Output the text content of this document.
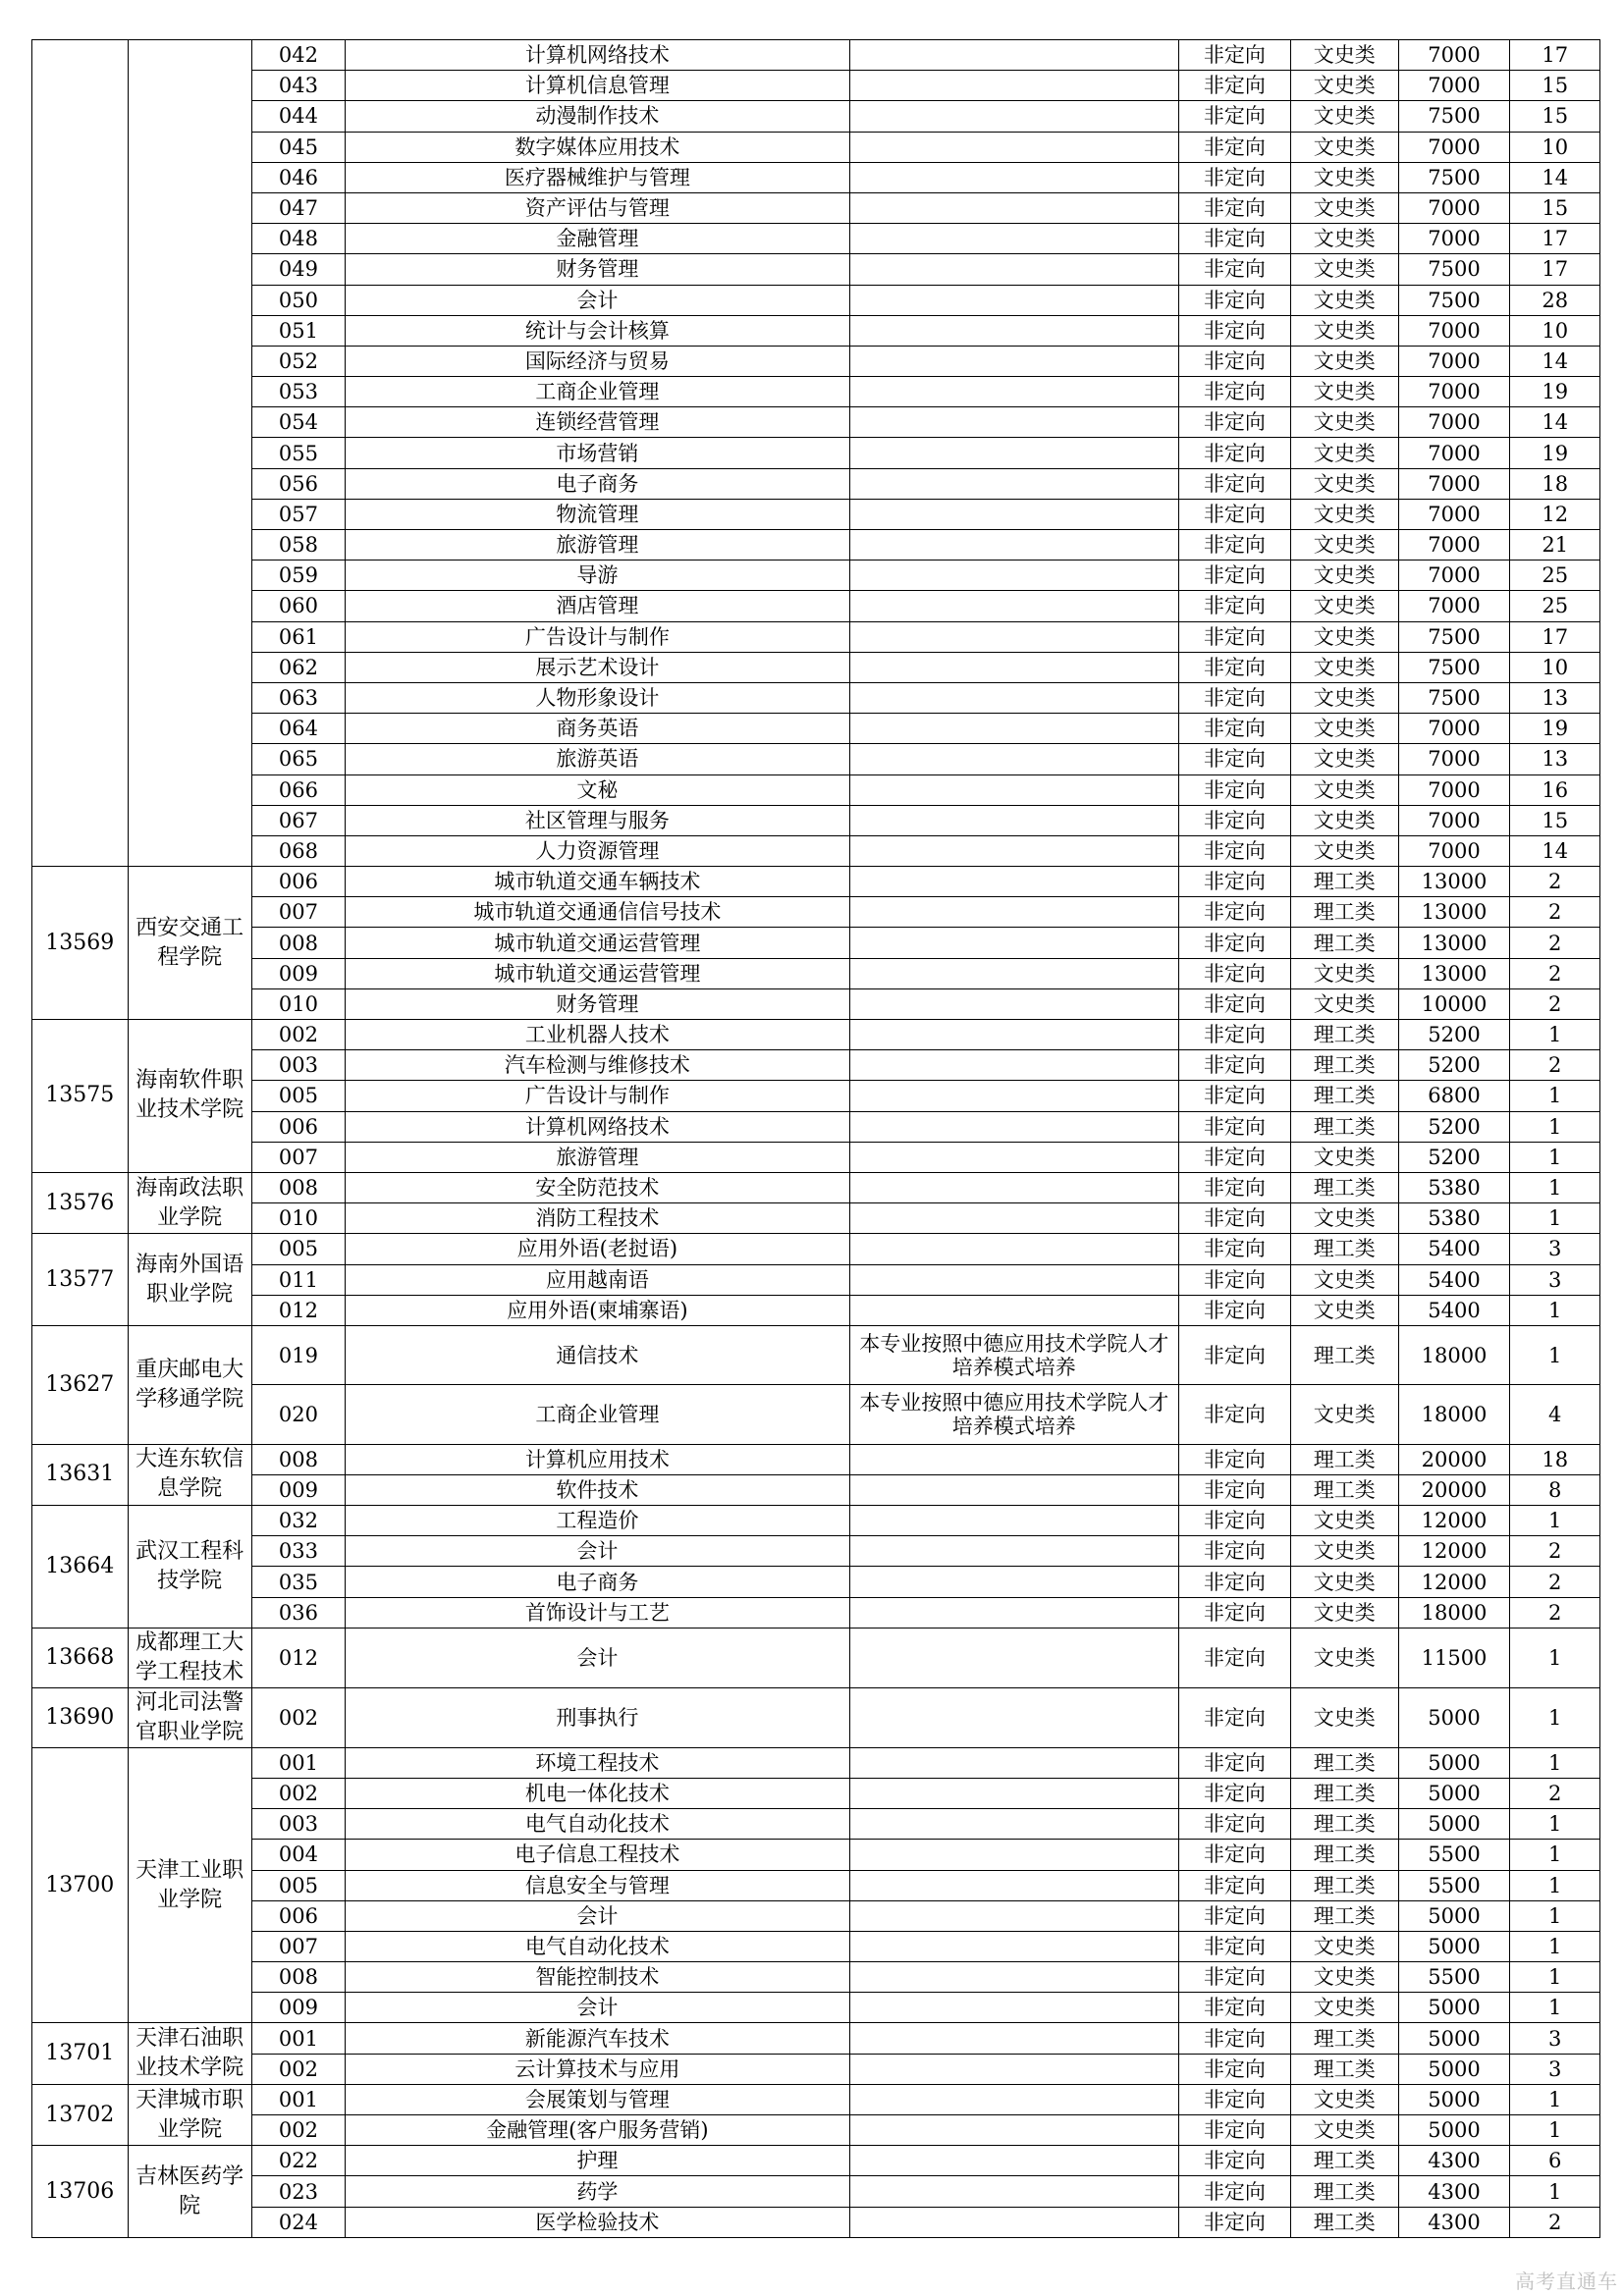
		042	计算机网络技术		非定向	文史类	7000	17
		043	计算机信息管理		非定向	文史类	7000	15
		044	动漫制作技术		非定向	文史类	7500	15
		045	数字媒体应用技术		非定向	文史类	7000	10
		046	医疗器械维护与管理		非定向	文史类	7500	14
		047	资产评估与管理		非定向	文史类	7000	15
		048	金融管理		非定向	文史类	7000	17
		049	财务管理		非定向	文史类	7500	17
		050	会计		非定向	文史类	7500	28
		051	统计与会计核算		非定向	文史类	7000	10
		052	国际经济与贸易		非定向	文史类	7000	14
		053	工商企业管理		非定向	文史类	7000	19
		054	连锁经营管理		非定向	文史类	7000	14
		055	市场营销		非定向	文史类	7000	19
		056	电子商务		非定向	文史类	7000	18
		057	物流管理		非定向	文史类	7000	12
		058	旅游管理		非定向	文史类	7000	21
		059	导游		非定向	文史类	7000	25
		060	酒店管理		非定向	文史类	7000	25
		061	广告设计与制作		非定向	文史类	7500	17
		062	展示艺术设计		非定向	文史类	7500	10
		063	人物形象设计		非定向	文史类	7500	13
		064	商务英语		非定向	文史类	7000	19
		065	旅游英语		非定向	文史类	7000	13
		066	文秘		非定向	文史类	7000	16
		067	社区管理与服务		非定向	文史类	7000	15
		068	人力资源管理		非定向	文史类	7000	14
13569	西安交通工程学院	006	城市轨道交通车辆技术		非定向	理工类	13000	2
		007	城市轨道交通通信信号技术		非定向	理工类	13000	2
		008	城市轨道交通运营管理		非定向	理工类	13000	2
		009	城市轨道交通运营管理		非定向	文史类	13000	2
		010	财务管理		非定向	文史类	10000	2
13575	海南软件职业技术学院	002	工业机器人技术		非定向	理工类	5200	1
		003	汽车检测与维修技术		非定向	理工类	5200	2
		005	广告设计与制作		非定向	理工类	6800	1
		006	计算机网络技术		非定向	理工类	5200	1
		007	旅游管理		非定向	文史类	5200	1
13576	海南政法职业学院	008	安全防范技术		非定向	理工类	5380	1
		010	消防工程技术		非定向	文史类	5380	1
13577	海南外国语职业学院	005	应用外语(老挝语)		非定向	理工类	5400	3
		011	应用越南语		非定向	文史类	5400	3
		012	应用外语(柬埔寨语)		非定向	文史类	5400	1
13627	重庆邮电大学移通学院	019	通信技术	本专业按照中德应用技术学院人才培养模式培养	非定向	理工类	18000	1
		020	工商企业管理	本专业按照中德应用技术学院人才培养模式培养	非定向	文史类	18000	4
13631	大连东软信息学院	008	计算机应用技术		非定向	理工类	20000	18
		009	软件技术		非定向	理工类	20000	8
13664	武汉工程科技学院	032	工程造价		非定向	文史类	12000	1
		033	会计		非定向	文史类	12000	2
		035	电子商务		非定向	文史类	12000	2
		036	首饰设计与工艺		非定向	文史类	18000	2
13668	成都理工大学工程技术	012	会计		非定向	文史类	11500	1
13690	河北司法警官职业学院	002	刑事执行		非定向	文史类	5000	1
13700	天津工业职业学院	001	环境工程技术		非定向	理工类	5000	1
		002	机电一体化技术		非定向	理工类	5000	2
		003	电气自动化技术		非定向	理工类	5000	1
		004	电子信息工程技术		非定向	理工类	5500	1
		005	信息安全与管理		非定向	理工类	5500	1
		006	会计		非定向	理工类	5000	1
		007	电气自动化技术		非定向	文史类	5000	1
		008	智能控制技术		非定向	文史类	5500	1
		009	会计		非定向	文史类	5000	1
13701	天津石油职业技术学院	001	新能源汽车技术		非定向	理工类	5000	3
		002	云计算技术与应用		非定向	理工类	5000	3
13702	天津城市职业学院	001	会展策划与管理		非定向	文史类	5000	1
		002	金融管理(客户服务营销)		非定向	文史类	5000	1
13706	吉林医药学院	022	护理		非定向	理工类	4300	6
		023	药学		非定向	理工类	4300	1
		024	医学检验技术		非定向	理工类	4300	2
高考直通车
